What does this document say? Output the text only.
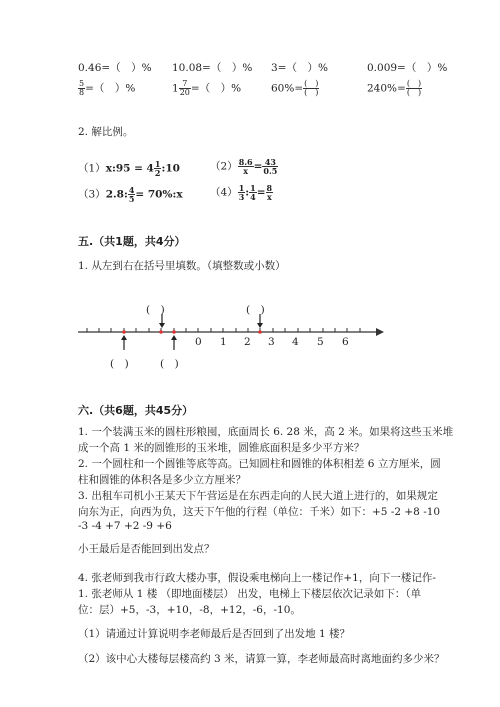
0.46=（　）% 10.08=（　）% 3=（　）%	0.009=（　）%
$\frac{5}{8}$ =（　）%	$1 \frac{7}{20}$ =（　）%	$60\%= \frac{( )}{( )}$	$240\%= \frac{( )}{( )}$
2. 解比例。
（1）x:95 = $4 \frac{1}{2}$ :10	$(2) \frac{8.6}{x} = \frac{43}{0.5}$
（3）2.8: $\frac{4}{5}$ = 70%:x	$(4) \frac{1}{3}$ : $\frac{1}{4} = \frac{8}{x}$
五.（共1题，共4分）
1. 从左到右在括号里填数。（填整数或小数）
0 1 2 3 4 5 6
(　)	(　)
(　)	(　)
六.（共6题，共45分）
1. 一个装满玉米的圆柱形粮囤，底面周长 6. 28 米，高 2 米。如果将这些玉米堆
成一个高 1 米的圆锥形的玉米堆，圆锥底面积是多少平方米？
2. 一个圆柱和一个圆锥等底等高。已知圆柱和圆锥的体积相差 6 立方厘米，圆
柱和圆锥的体积各是多少立方厘米？
3. 出租车司机小王某天下午营运是在东西走向的人民大道上进行的，如果规定
向东为正，向西为负，这天下午他的行程（单位：千米）如下：+5 -2 +8 -10
-3 -4 +7 +2 -9 +6
小王最后是否能回到出发点？
4. 张老师到我市行政大楼办事，假设乘电梯向上一楼记作+1，向下一楼记作-
1. 张老师从 1 楼 （即地面楼层） 出发，电梯上下楼层依次记录如下：（单
位：层）+5，-3，+10，-8，+12，-6，-10。
（1）请通过计算说明李老师最后是否回到了出发地 1 楼？
（2）该中心大楼每层楼高约 3 米，请算一算，李老师最高时离地面约多少米？
